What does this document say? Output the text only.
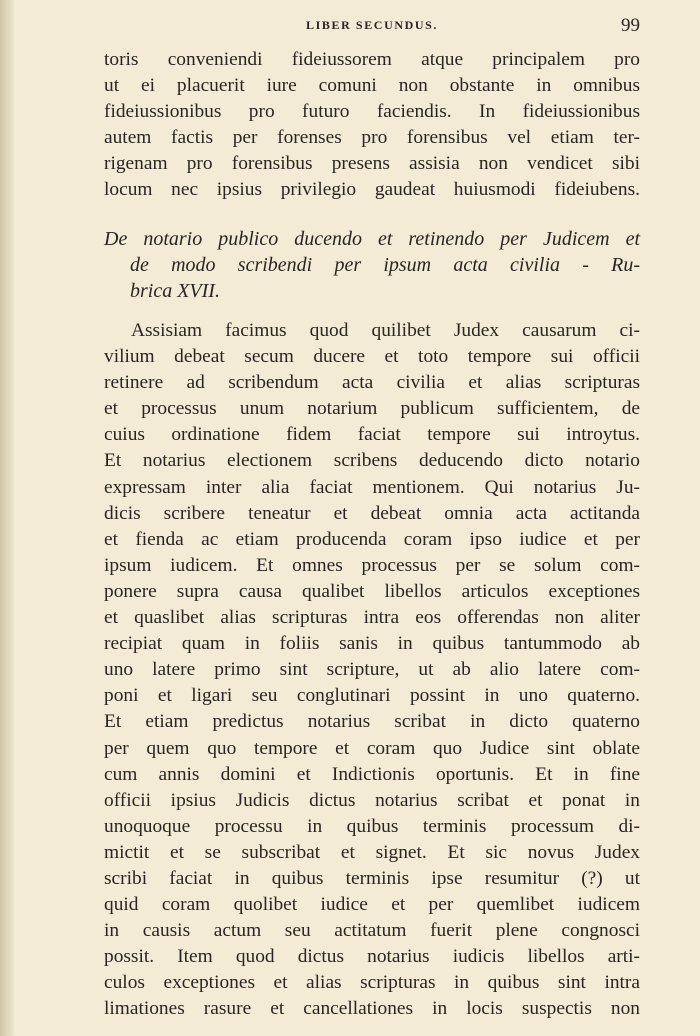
LIBER SECUNDUS.	99
toris conveniendi fideiussorem atque principalem pro
ut ei placuerit iure comuni non obstante in omnibus
fideiussionibus pro futuro faciendis. In fideiussionibus
autem factis per forenses pro forensibus vel etiam ter-
rigenam pro forensibus presens assisia non vendicet sibi
locum nec ipsius privilegio gaudeat huiusmodi fideiubens.
De notario publico ducendo et retinendo per Judicem et
de modo scribendi per ipsum acta civilia - Ru-
brica XVII.
Assisiam facimus quod quilibet Judex causarum ci-
vilium debeat secum ducere et toto tempore sui officii
retinere ad scribendum acta civilia et alias scripturas
et processus unum notarium publicum sufficientem, de
cuius ordinatione fidem faciat tempore sui introytus.
Et notarius electionem scribens deducendo dicto notario
expressam inter alia faciat mentionem. Qui notarius Ju-
dicis scribere teneatur et debeat omnia acta actitanda
et fienda ac etiam producenda coram ipso iudice et per
ipsum iudicem. Et omnes processus per se solum com-
ponere supra causa qualibet libellos articulos exceptiones
et quaslibet alias scripturas intra eos offerendas non aliter
recipiat quam in foliis sanis in quibus tantummodo ab
uno latere primo sint scripture, ut ab alio latere com-
poni et ligari seu conglutinari possint in uno quaterno.
Et etiam predictus notarius scribat in dicto quaterno
per quem quo tempore et coram quo Judice sint oblate
cum annis domini et Indictionis oportunis. Et in fine
officii ipsius Judicis dictus notarius scribat et ponat in
unoquoque processu in quibus terminis processum di-
mictit et se subscribat et signet. Et sic novus Judex
scribi faciat in quibus terminis ipse resumitur (?) ut
quid coram quolibet iudice et per quemlibet iudicem
in causis actum seu actitatum fuerit plene congnosci
possit. Item quod dictus notarius iudicis libellos arti-
culos exceptiones et alias scripturas in quibus sint intra
limationes rasure et cancellationes in locis suspectis non
